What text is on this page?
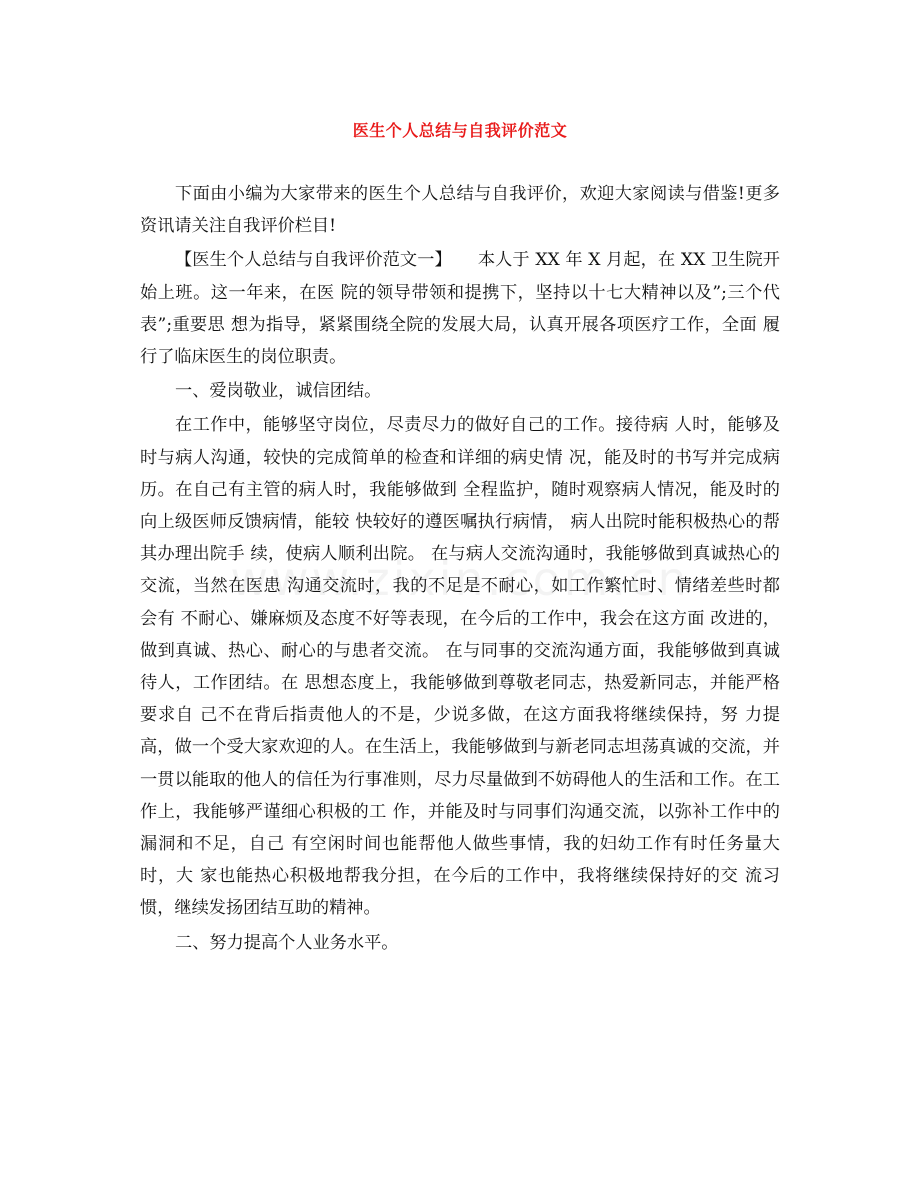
医生个人总结与自我评价范文

下面由小编为大家带来的医生个人总结与自我评价，欢迎大家阅读与借鉴!更多资讯请关注自我评价栏目!

【医生个人总结与自我评价范文一】　　本人于 XX 年 X 月起，在 XX 卫生院开始上班。这一年来，在医 院的领导带领和提携下，坚持以十七大精神以及”;三个代表”;重要思 想为指导，紧紧围绕全院的发展大局，认真开展各项医疗工作，全面 履行了临床医生的岗位职责。

一、爱岗敬业，诚信团结。

在工作中，能够坚守岗位，尽责尽力的做好自己的工作。接待病 人时，能够及时与病人沟通，较快的完成简单的检查和详细的病史情 况，能及时的书写并完成病历。在自己有主管的病人时，我能够做到 全程监护，随时观察病人情况，能及时的向上级医师反馈病情，能较 快较好的遵医嘱执行病情， 病人出院时能积极热心的帮其办理出院手 续，使病人顺利出院。 在与病人交流沟通时，我能够做到真诚热心的交流，当然在医患 沟通交流时，我的不足是不耐心，如工作繁忙时、情绪差些时都会有 不耐心、嫌麻烦及态度不好等表现，在今后的工作中，我会在这方面 改进的，做到真诚、热心、耐心的与患者交流。 在与同事的交流沟通方面，我能够做到真诚待人，工作团结。在 思想态度上，我能够做到尊敬老同志，热爱新同志，并能严格要求自 己不在背后指责他人的不是，少说多做，在这方面我将继续保持，努 力提高，做一个受大家欢迎的人。在生活上，我能够做到与新老同志坦荡真诚的交流，并一贯以能取的他人的信任为行事准则，尽力尽量做到不妨碍他人的生活和工作。在工作上，我能够严谨细心积极的工 作，并能及时与同事们沟通交流，以弥补工作中的漏洞和不足，自己 有空闲时间也能帮他人做些事情，我的妇幼工作有时任务量大时，大 家也能热心积极地帮我分担，在今后的工作中，我将继续保持好的交 流习惯，继续发扬团结互助的精神。

二、努力提高个人业务水平。
